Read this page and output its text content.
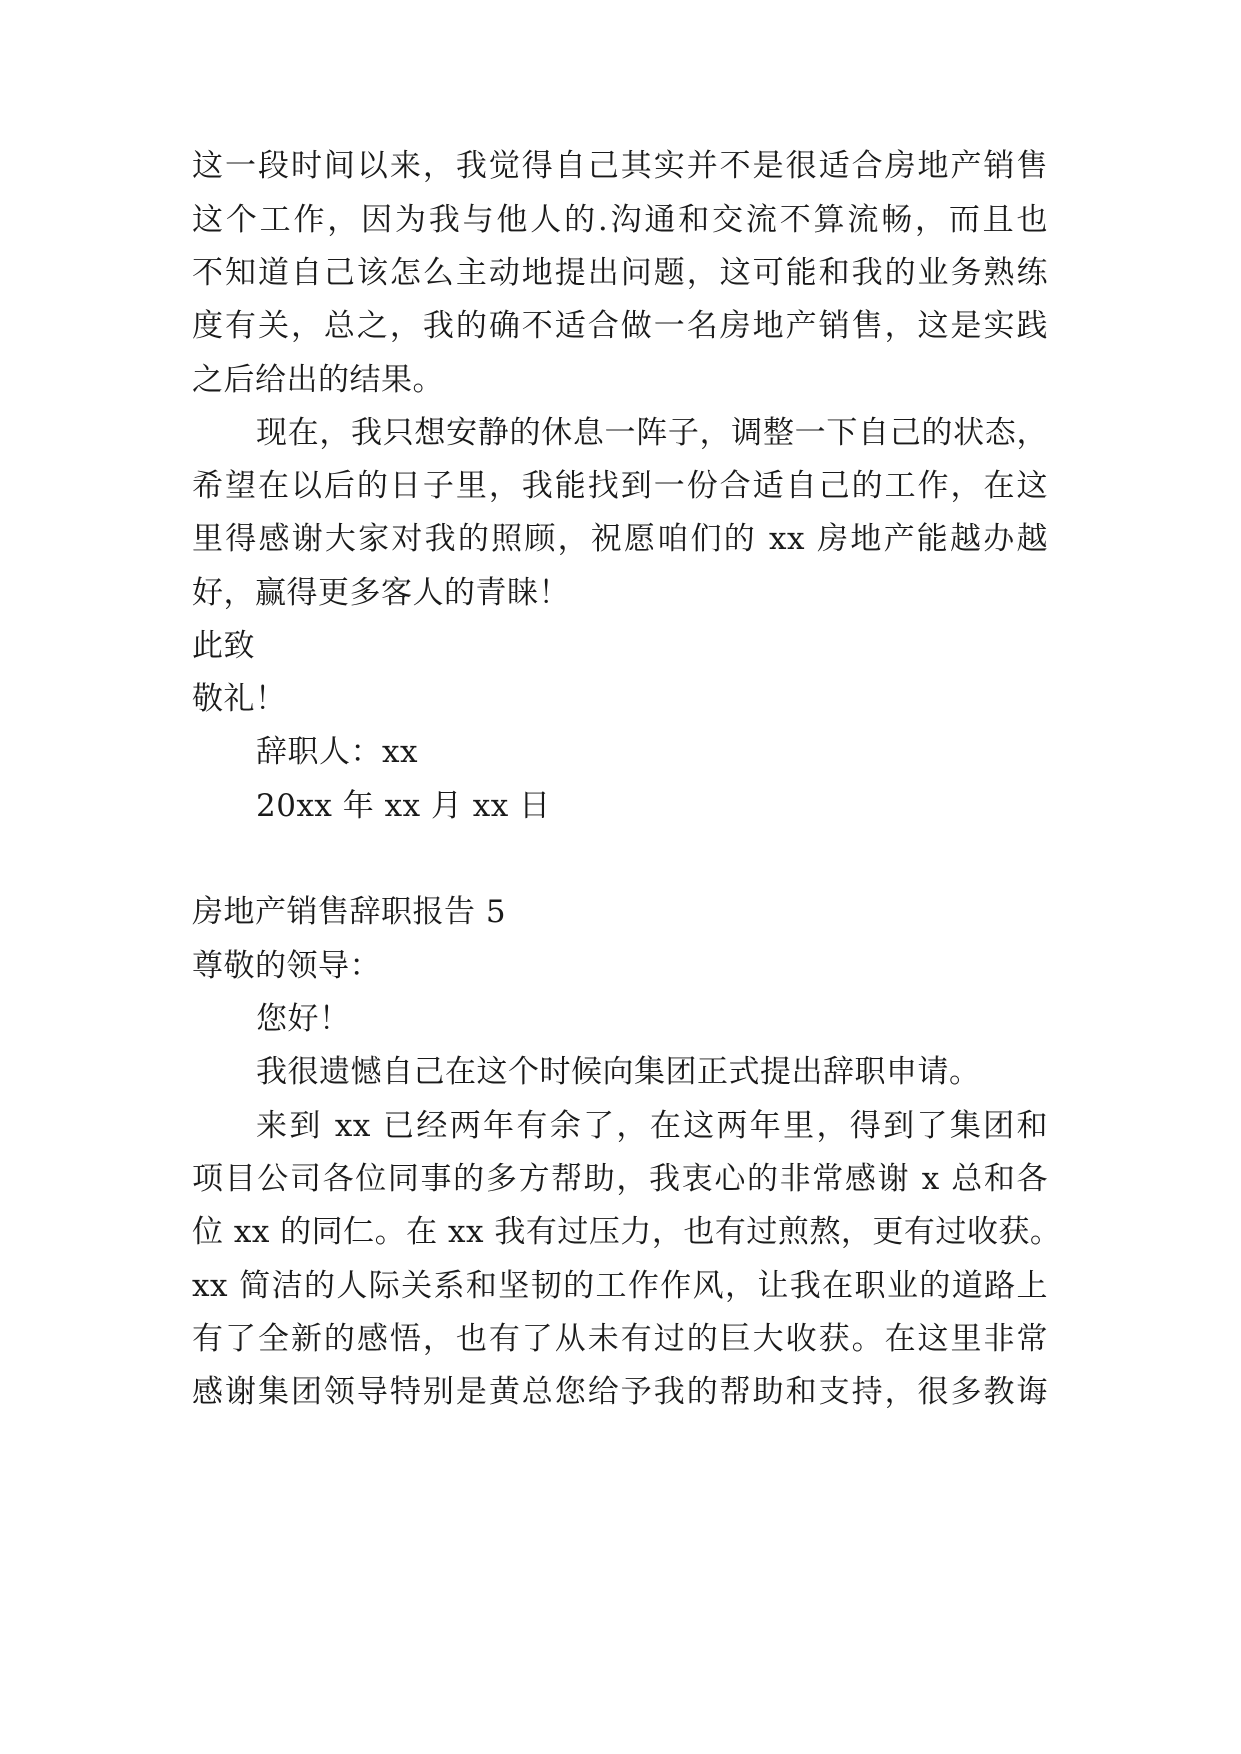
这一段时间以来，我觉得自己其实并不是很适合房地产销售
这个工作，因为我与他人的.沟通和交流不算流畅，而且也
不知道自己该怎么主动地提出问题，这可能和我的业务熟练
度有关，总之，我的确不适合做一名房地产销售，这是实践
之后给出的结果。
现在，我只想安静的休息一阵子，调整一下自己的状态，
希望在以后的日子里，我能找到一份合适自己的工作，在这
里得感谢大家对我的照顾，祝愿咱们的 xx 房地产能越办越
好，赢得更多客人的青睐！
此致
敬礼！
辞职人：xx
20xx 年 xx 月 xx 日
房地产销售辞职报告 5
尊敬的领导：
您好！
我很遗憾自己在这个时候向集团正式提出辞职申请。
来到 xx 已经两年有余了，在这两年里，得到了集团和
项目公司各位同事的多方帮助，我衷心的非常感谢 x 总和各
位 xx 的同仁。在 xx 我有过压力，也有过煎熬，更有过收获。
xx 简洁的人际关系和坚韧的工作作风，让我在职业的道路上
有了全新的感悟，也有了从未有过的巨大收获。在这里非常
感谢集团领导特别是黄总您给予我的帮助和支持，很多教诲
